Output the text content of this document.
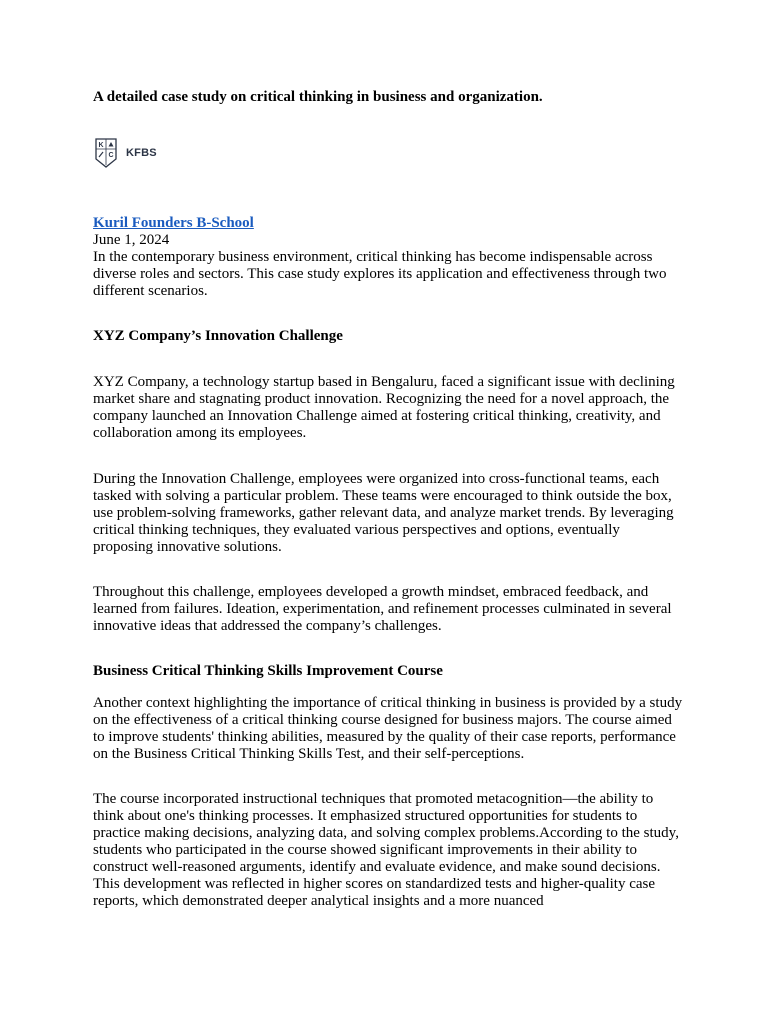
A detailed case study on critical thinking in business and organization.
K
C KFBS
Kuril Founders B-School
June 1, 2024
In the contemporary business environment, critical thinking has become indispensable across diverse roles and sectors. This case study explores its application and effectiveness through two different scenarios.

XYZ Company’s Innovation Challenge

XYZ Company, a technology startup based in Bengaluru, faced a significant issue with declining market share and stagnating product innovation. Recognizing the need for a novel approach, the company launched an Innovation Challenge aimed at fostering critical thinking, creativity, and collaboration among its employees.

During the Innovation Challenge, employees were organized into cross-functional teams, each tasked with solving a particular problem. These teams were encouraged to think outside the box, use problem-solving frameworks, gather relevant data, and analyze market trends. By leveraging critical thinking techniques, they evaluated various perspectives and options, eventually proposing innovative solutions.

Throughout this challenge, employees developed a growth mindset, embraced feedback, and learned from failures. Ideation, experimentation, and refinement processes culminated in several innovative ideas that addressed the company’s challenges.

Business Critical Thinking Skills Improvement Course

Another context highlighting the importance of critical thinking in business is provided by a study on the effectiveness of a critical thinking course designed for business majors. The course aimed to improve students' thinking abilities, measured by the quality of their case reports, performance on the Business Critical Thinking Skills Test, and their self-perceptions.

The course incorporated instructional techniques that promoted metacognition—the ability to think about one's thinking processes. It emphasized structured opportunities for students to practice making decisions, analyzing data, and solving complex problems.According to the study, students who participated in the course showed significant improvements in their ability to construct well-reasoned arguments, identify and evaluate evidence, and make sound decisions. This development was reflected in higher scores on standardized tests and higher-quality case reports, which demonstrated deeper analytical insights and a more nuanced
